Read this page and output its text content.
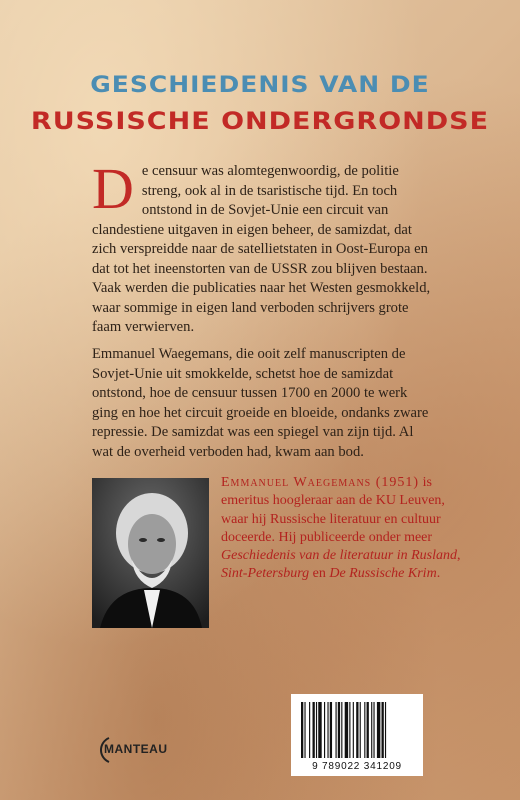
GESCHIEDENIS VAN DE
RUSSISCHE ONDERGRONDSE

De censuur was alomtegenwoordig, de politie streng, ook al in de tsaristische tijd. En toch ontstond in de Sovjet-Unie een circuit van clandestiene uitgaven in eigen beheer, de samizdat, dat zich verspreidde naar de satellietstaten in Oost-Europa en dat tot het ineenstorten van de USSR zou blijven bestaan. Vaak werden die publicaties naar het Westen gesmokkeld, waar sommige in eigen land verboden schrijvers grote faam verwierven.

Emmanuel Waegemans, die ooit zelf manuscripten de Sovjet-Unie uit smokkelde, schetst hoe de samizdat ontstond, hoe de censuur tussen 1700 en 2000 te werk ging en hoe het circuit groeide en bloeide, ondanks zware repressie. De samizdat was een spiegel van zijn tijd. Al wat de overheid verboden had, kwam aan bod.

Emmanuel Waegemans (1951) is emeritus hoogleraar aan de KU Leuven, waar hij Russische literatuur en cultuur doceerde. Hij publiceerde onder meer Geschiedenis van de literatuur in Rusland, Sint-Petersburg en De Russische Krim.

MANTEAU
9 789022 341209
